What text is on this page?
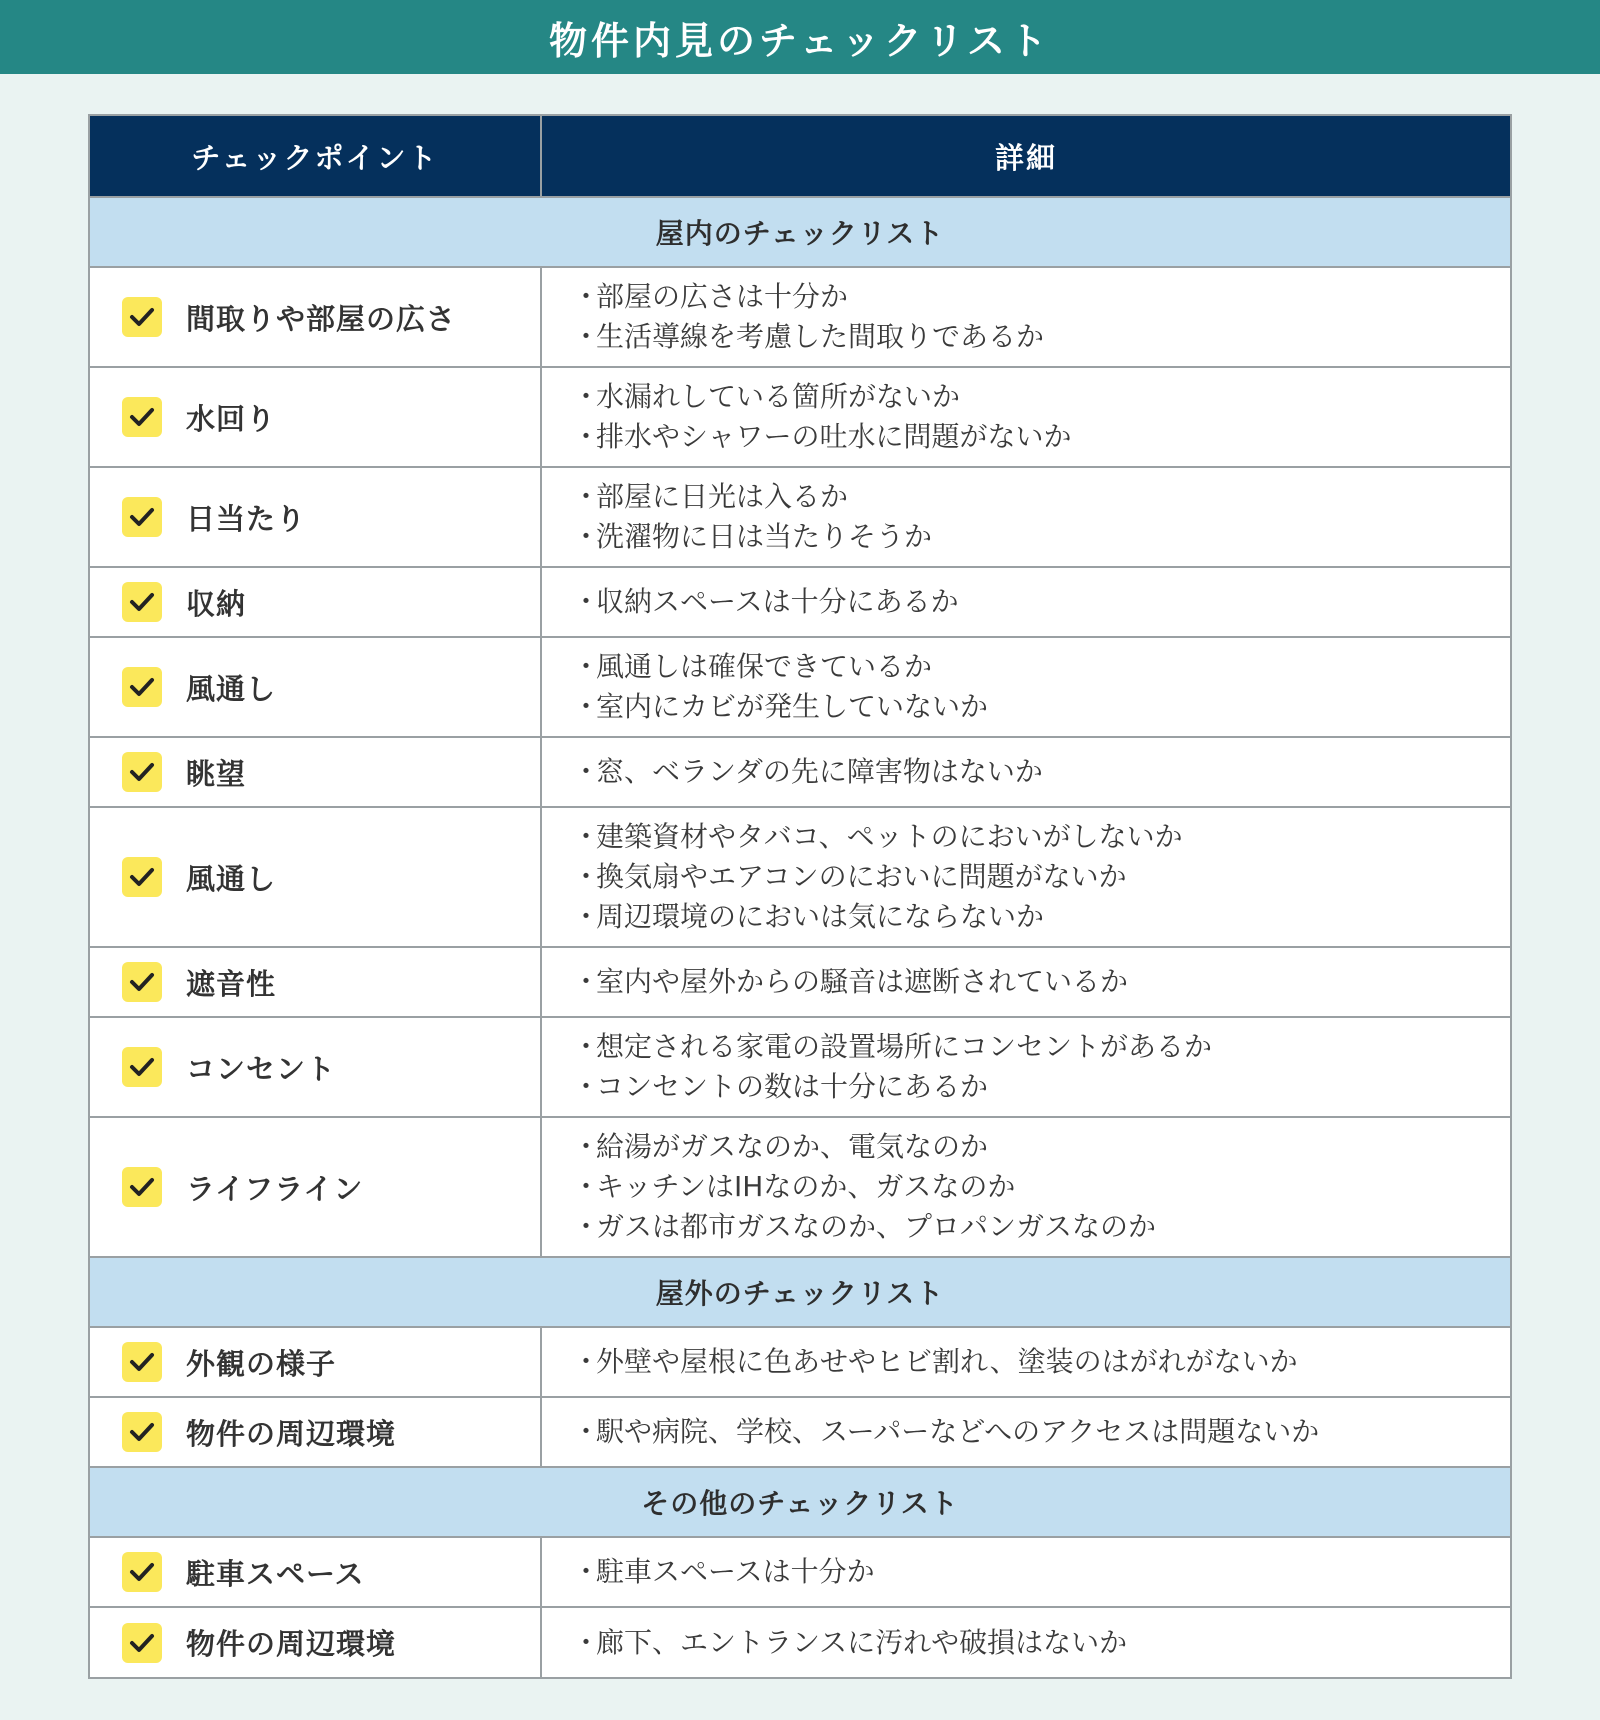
物件内見のチェックリスト
チェックポイント	詳細
屋内のチェックリスト	

間取りや部屋の広さ	・部屋の広さは十分か
・生活導線を考慮した間取りであるか

水回り	・水漏れしている箇所がないか
・排水やシャワーの吐水に問題がないか

日当たり	・部屋に日光は入るか
・洗濯物に日は当たりそうか

収納	・収納スペースは十分にあるか

風通し	・風通しは確保できているか
・室内にカビが発生していないか

眺望	・窓、ベランダの先に障害物はないか

風通し	・建築資材やタバコ、ペットのにおいがしないか
・換気扇やエアコンのにおいに問題がないか
・周辺環境のにおいは気にならないか

遮音性	・室内や屋外からの騒音は遮断されているか

コンセント	・想定される家電の設置場所にコンセントがあるか
・コンセントの数は十分にあるか

ライフライン	・給湯がガスなのか、電気なのか
・キッチンはIHなのか、ガスなのか
・ガスは都市ガスなのか、プロパンガスなのか

屋外のチェックリスト	

外観の様子	・外壁や屋根に色あせやヒビ割れ、塗装のはがれがないか

物件の周辺環境	・駅や病院、学校、スーパーなどへのアクセスは問題ないか

その他のチェックリスト	

駐車スペース	・駐車スペースは十分か

物件の周辺環境	・廊下、エントランスに汚れや破損はないか
